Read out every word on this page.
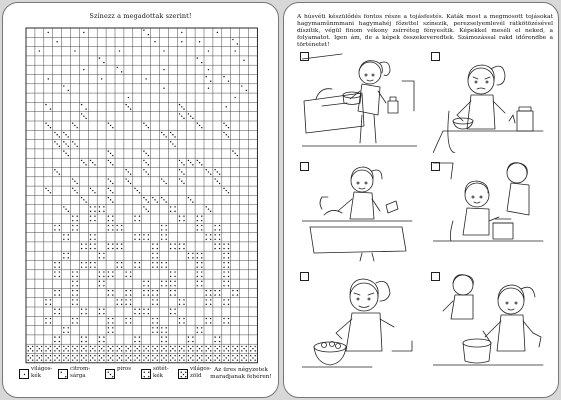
Színezz a megadottak szerint!
világos-
kék
citrom-
sárga
piros	sötét-
kék
világos-
zöld
Az üres négyzetek maradjanak fehéren!
A húsvéti készülődés fontos része a tojásfestés. Katák most a megmosott tojásokat hagymaműnmmani hagymahéj főzettel színezik, perezselyemlevél rátkötözésével díszítik, végül finom vékony zsírréteg fényesítik. Képekkel meséli el neked, a folyamatot. Igen ám, de a képek összekeveredtek. Számozással rakd időrendbe a történetet!
